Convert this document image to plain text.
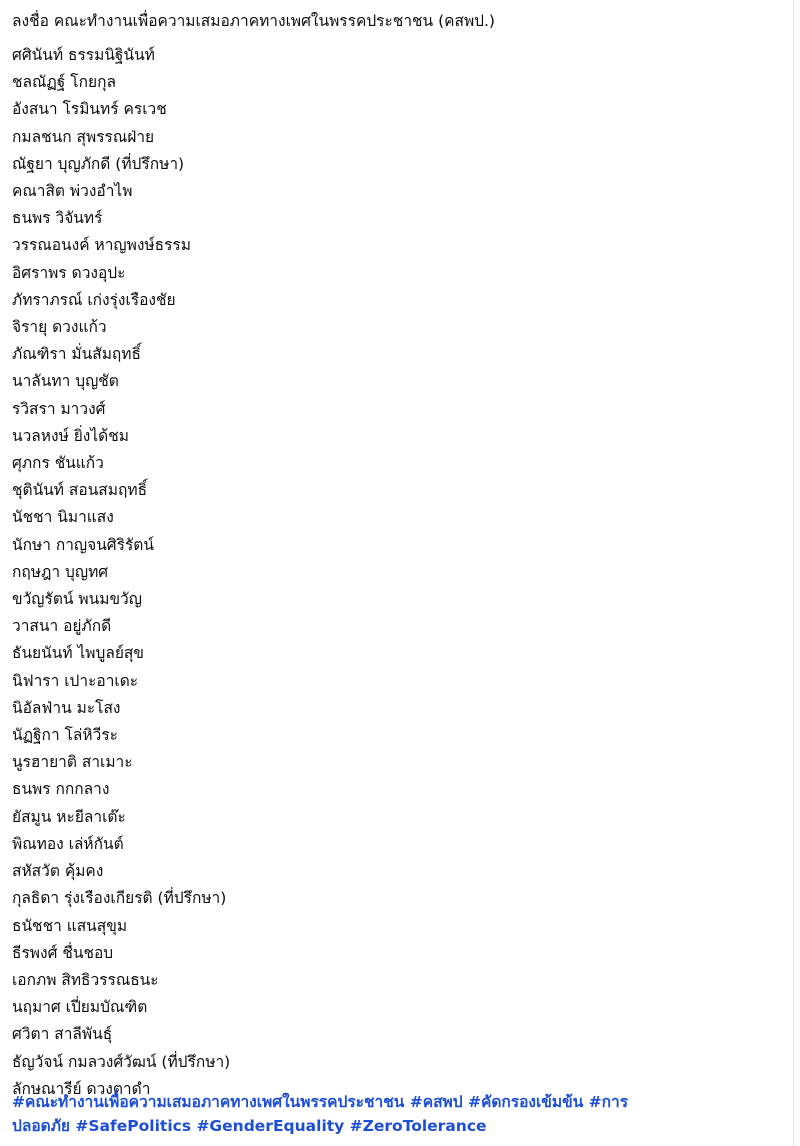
ลงชื่อ คณะทำงานเพื่อความเสมอภาคทางเพศในพรรคประชาชน (คสพป.)
ศศินันท์ ธรรมนิฐินันท์
ชลณัฏฐ์ โกยกุล
อังสนา โรมินทร์ ครเวช
กมลชนก สุพรรณฝ่าย
ณัฐยา บุญภักดี (ที่ปรึกษา)
คณาสิต พ่วงอำไพ
ธนพร วิจันทร์
วรรณอนงค์ หาญพงษ์ธรรม
อิศราพร ดวงอุปะ
ภัทราภรณ์ เก่งรุ่งเรืองชัย
จิรายุ ดวงแก้ว
ภัณฑิรา มั่นสัมฤทธิ์
นาลันทา บุญชัต
รวิสรา มาวงศ์
นวลหงษ์ ยิ่งได้ชม
ศุภกร ชันแก้ว
ชุตินันท์ สอนสมฤทธิ์
นัชชา นิมาแสง
นักษา กาญจนศิริรัตน์
กฤษฎา บุญทศ
ขวัญรัตน์ พนมขวัญ
วาสนา อยู่ภักดี
ธันยนันท์ ไพบูลย์สุข
นิฟารา เปาะอาเดะ
นิอัลฟ่าน มะโสง
นัฏฐิกา โล่หิวีระ
นูรฮายาติ สาเมาะ
ธนพร กกกลาง
ยัสมูน หะยีลาเต๊ะ
พิณทอง เล่ห์กันต์
สหัสวัต คุ้มคง
กุลธิดา รุ่งเรืองเกียรติ (ที่ปรึกษา)
ธนัชชา แสนสุขุม
ธีรพงศ์ ชื่นชอบ
เอกภพ สิทธิวรรณธนะ
นฤมาศ เปี่ยมบัณฑิต
ศวิตา สาลีพันธุ์
ธัญวัจน์ กมลวงศ์วัฒน์ (ที่ปรึกษา)
ลักษณารีย์ ดวงตาดำ
#คณะทำงานเพื่อความเสมอภาคทางเพศในพรรคประชาชน #คสพป #คัดกรองเข้มข้น #การ
ปลอดภัย #SafePolitics #GenderEquality #ZeroTolerance
